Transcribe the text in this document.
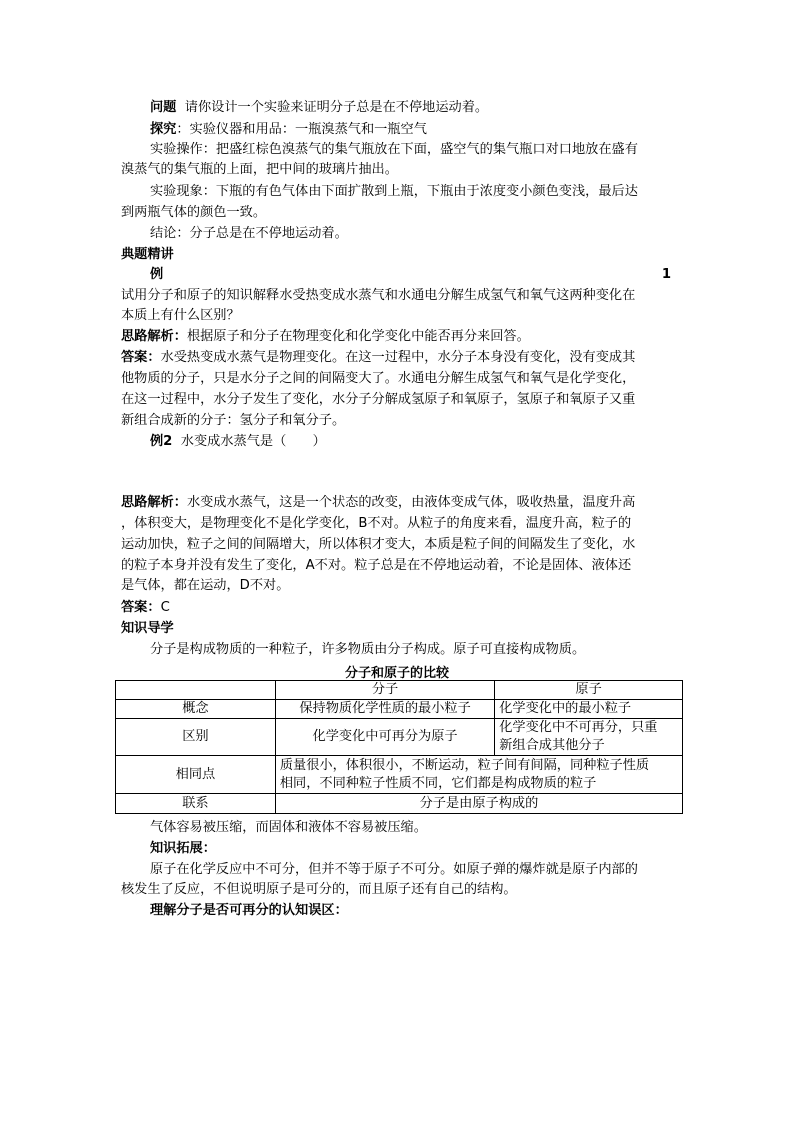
问题 请你设计一个实验来证明分子总是在不停地运动着。
探究：实验仪器和用品：一瓶溴蒸气和一瓶空气
实验操作：把盛红棕色溴蒸气的集气瓶放在下面，盛空气的集气瓶口对口地放在盛有
溴蒸气的集气瓶的上面，把中间的玻璃片抽出。
实验现象：下瓶的有色气体由下面扩散到上瓶，下瓶由于浓度变小颜色变浅，最后达
到两瓶气体的颜色一致。
结论：分子总是在不停地运动着。
典题精讲
例	1
试用分子和原子的知识解释水受热变成水蒸气和水通电分解生成氢气和氧气这两种变化在
本质上有什么区别？
思路解析：根据原子和分子在物理变化和化学变化中能否再分来回答。
答案：水受热变成水蒸气是物理变化。在这一过程中，水分子本身没有变化，没有变成其
他物质的分子，只是水分子之间的间隔变大了。水通电分解生成氢气和氧气是化学变化，
在这一过程中，水分子发生了变化，水分子分解成氢原子和氧原子，氢原子和氧原子又重
新组合成新的分子：氢分子和氧分子。
例2 水变成水蒸气是（　　）
思路解析：水变成水蒸气，这是一个状态的改变，由液体变成气体，吸收热量，温度升高
，体积变大，是物理变化不是化学变化，B不对。从粒子的角度来看，温度升高，粒子的
运动加快，粒子之间的间隔增大，所以体积才变大，本质是粒子间的间隔发生了变化，水
的粒子本身并没有发生了变化，A不对。粒子总是在不停地运动着，不论是固体、液体还
是气体，都在运动，D不对。
答案：C
知识导学
分子是构成物质的一种粒子，许多物质由分子构成。原子可直接构成物质。
分子和原子的比较
	分子	原子
概念	保持物质化学性质的最小粒子	化学变化中的最小粒子
区别	化学变化中可再分为原子	化学变化中不可再分，只重
新组合成其他分子

相同点	质量很小，体积很小，不断运动，粒子间有间隔，同种粒子性质
相同，不同种粒子性质不同，它们都是构成物质的粒子	

联系	分子是由原子构成的	
气体容易被压缩，而固体和液体不容易被压缩。
知识拓展：
原子在化学反应中不可分，但并不等于原子不可分。如原子弹的爆炸就是原子内部的
核发生了反应，不但说明原子是可分的，而且原子还有自己的结构。
理解分子是否可再分的认知误区：
